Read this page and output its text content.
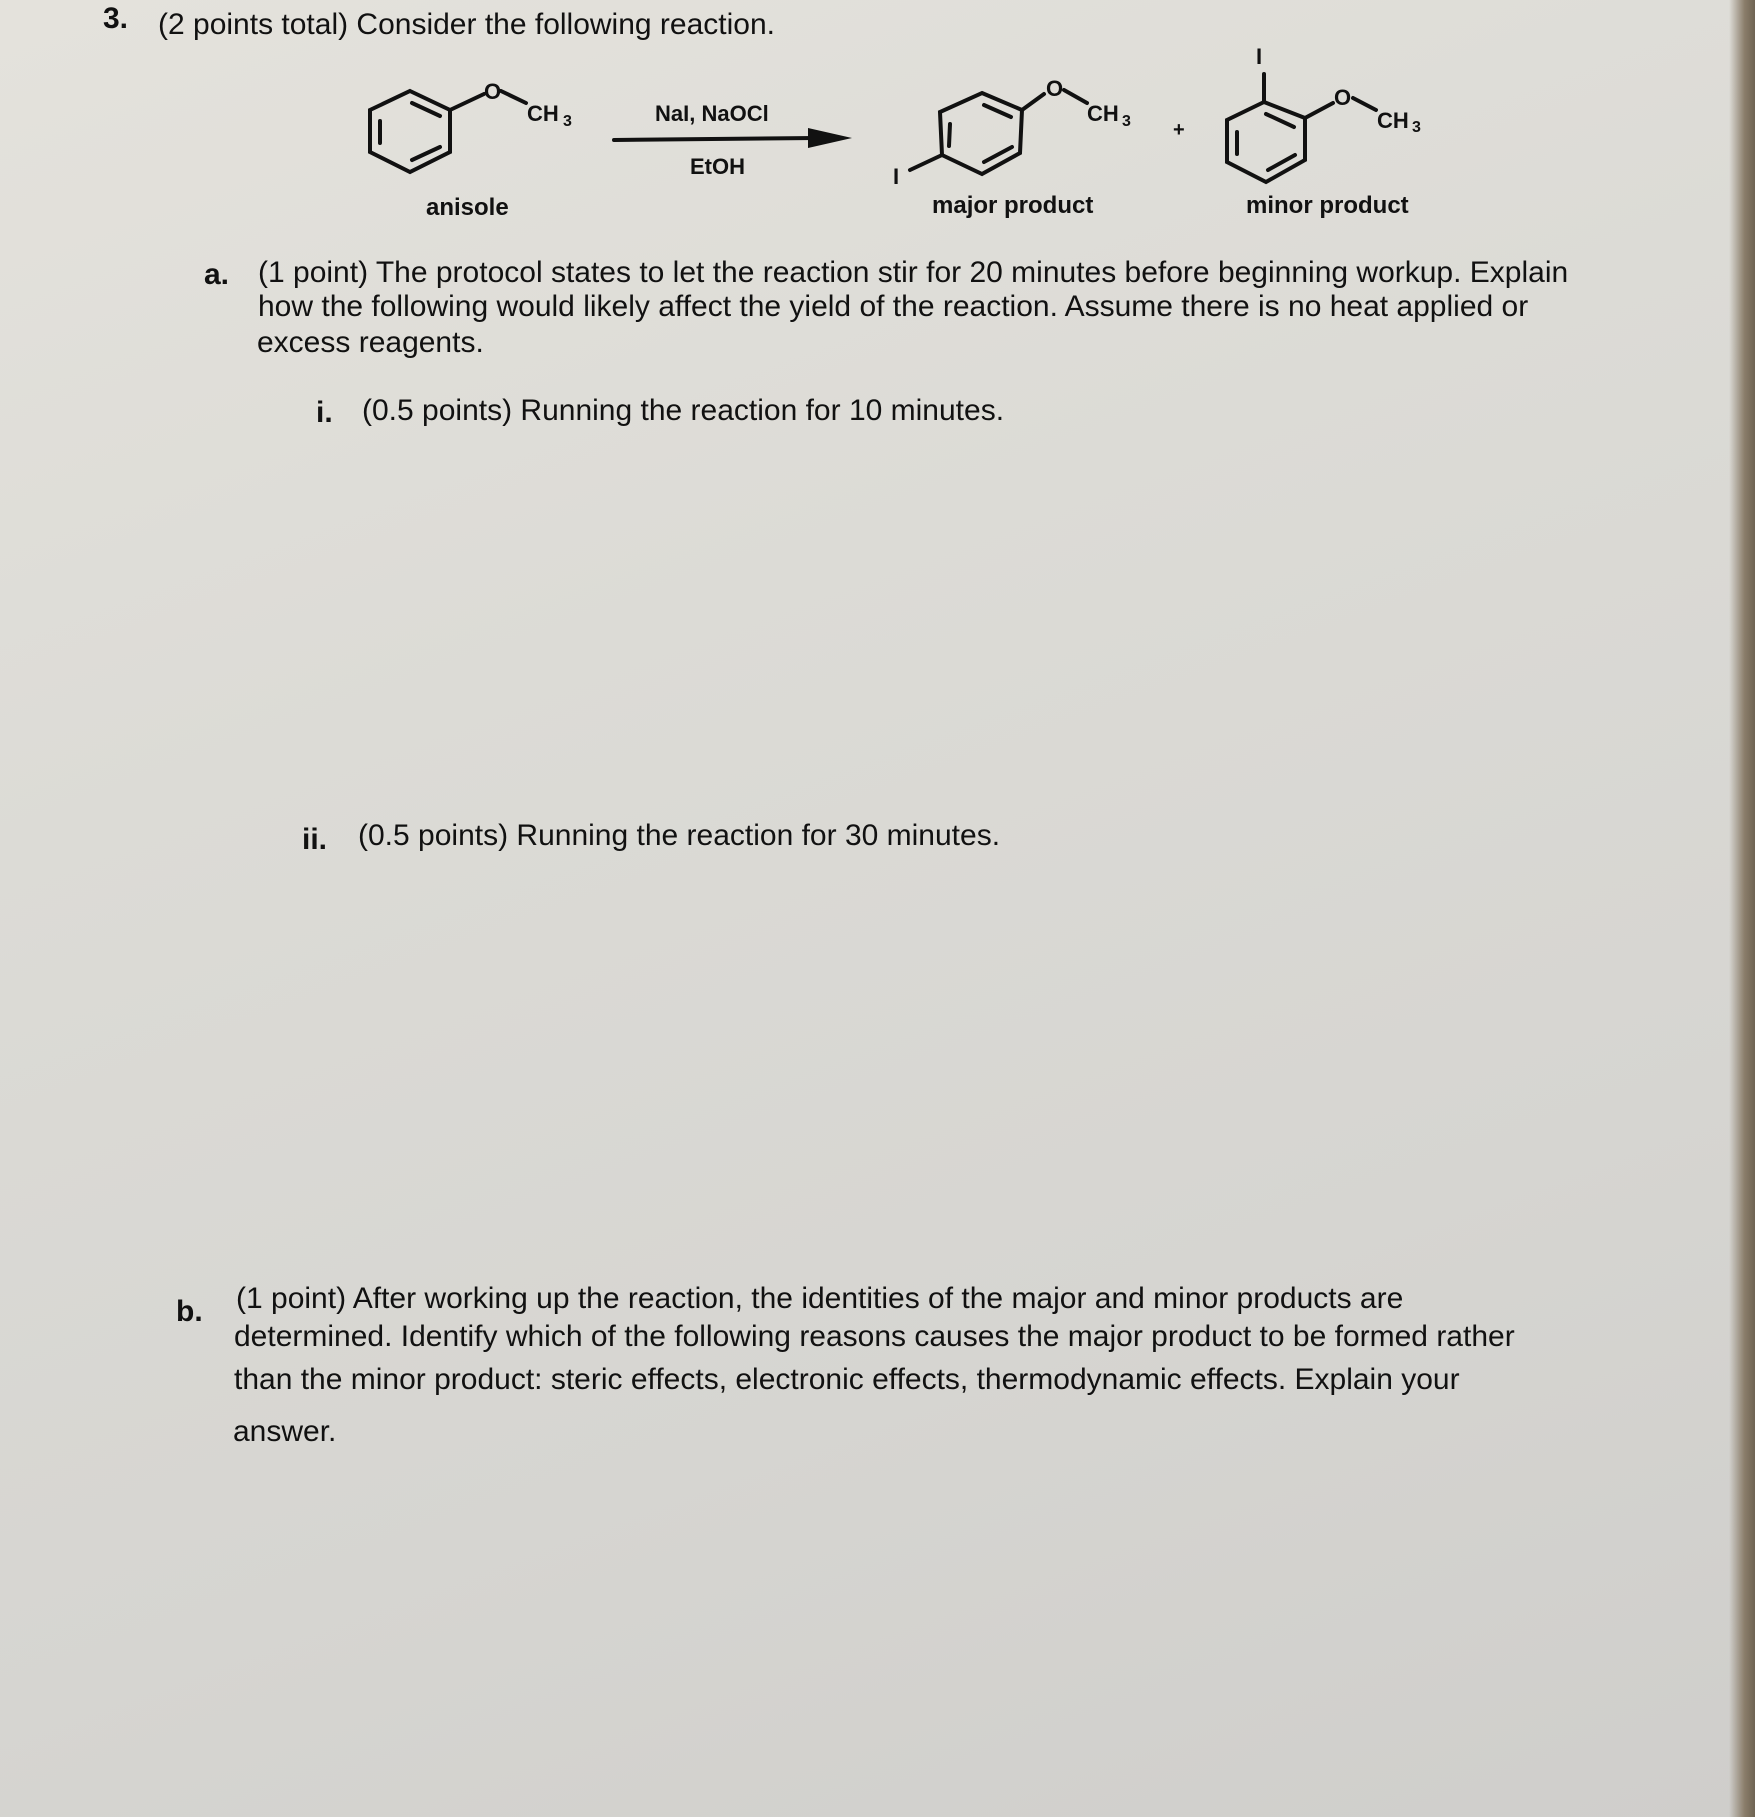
3. (2 points total) Consider the following reaction.
O
CH 3
anisole
NaI, NaOCl
EtOH
O
CH 3
I
major product
+
I
O
CH 3
minor product
a. (1 point) The protocol states to let the reaction stir for 20 minutes before beginning workup. Explain
how the following would likely affect the yield of the reaction. Assume there is no heat applied or
excess reagents.
i. (0.5 points) Running the reaction for 10 minutes.
ii. (0.5 points) Running the reaction for 30 minutes.
b. (1 point) After working up the reaction, the identities of the major and minor products are
determined. Identify which of the following reasons causes the major product to be formed rather
than the minor product: steric effects, electronic effects, thermodynamic effects. Explain your
answer.
